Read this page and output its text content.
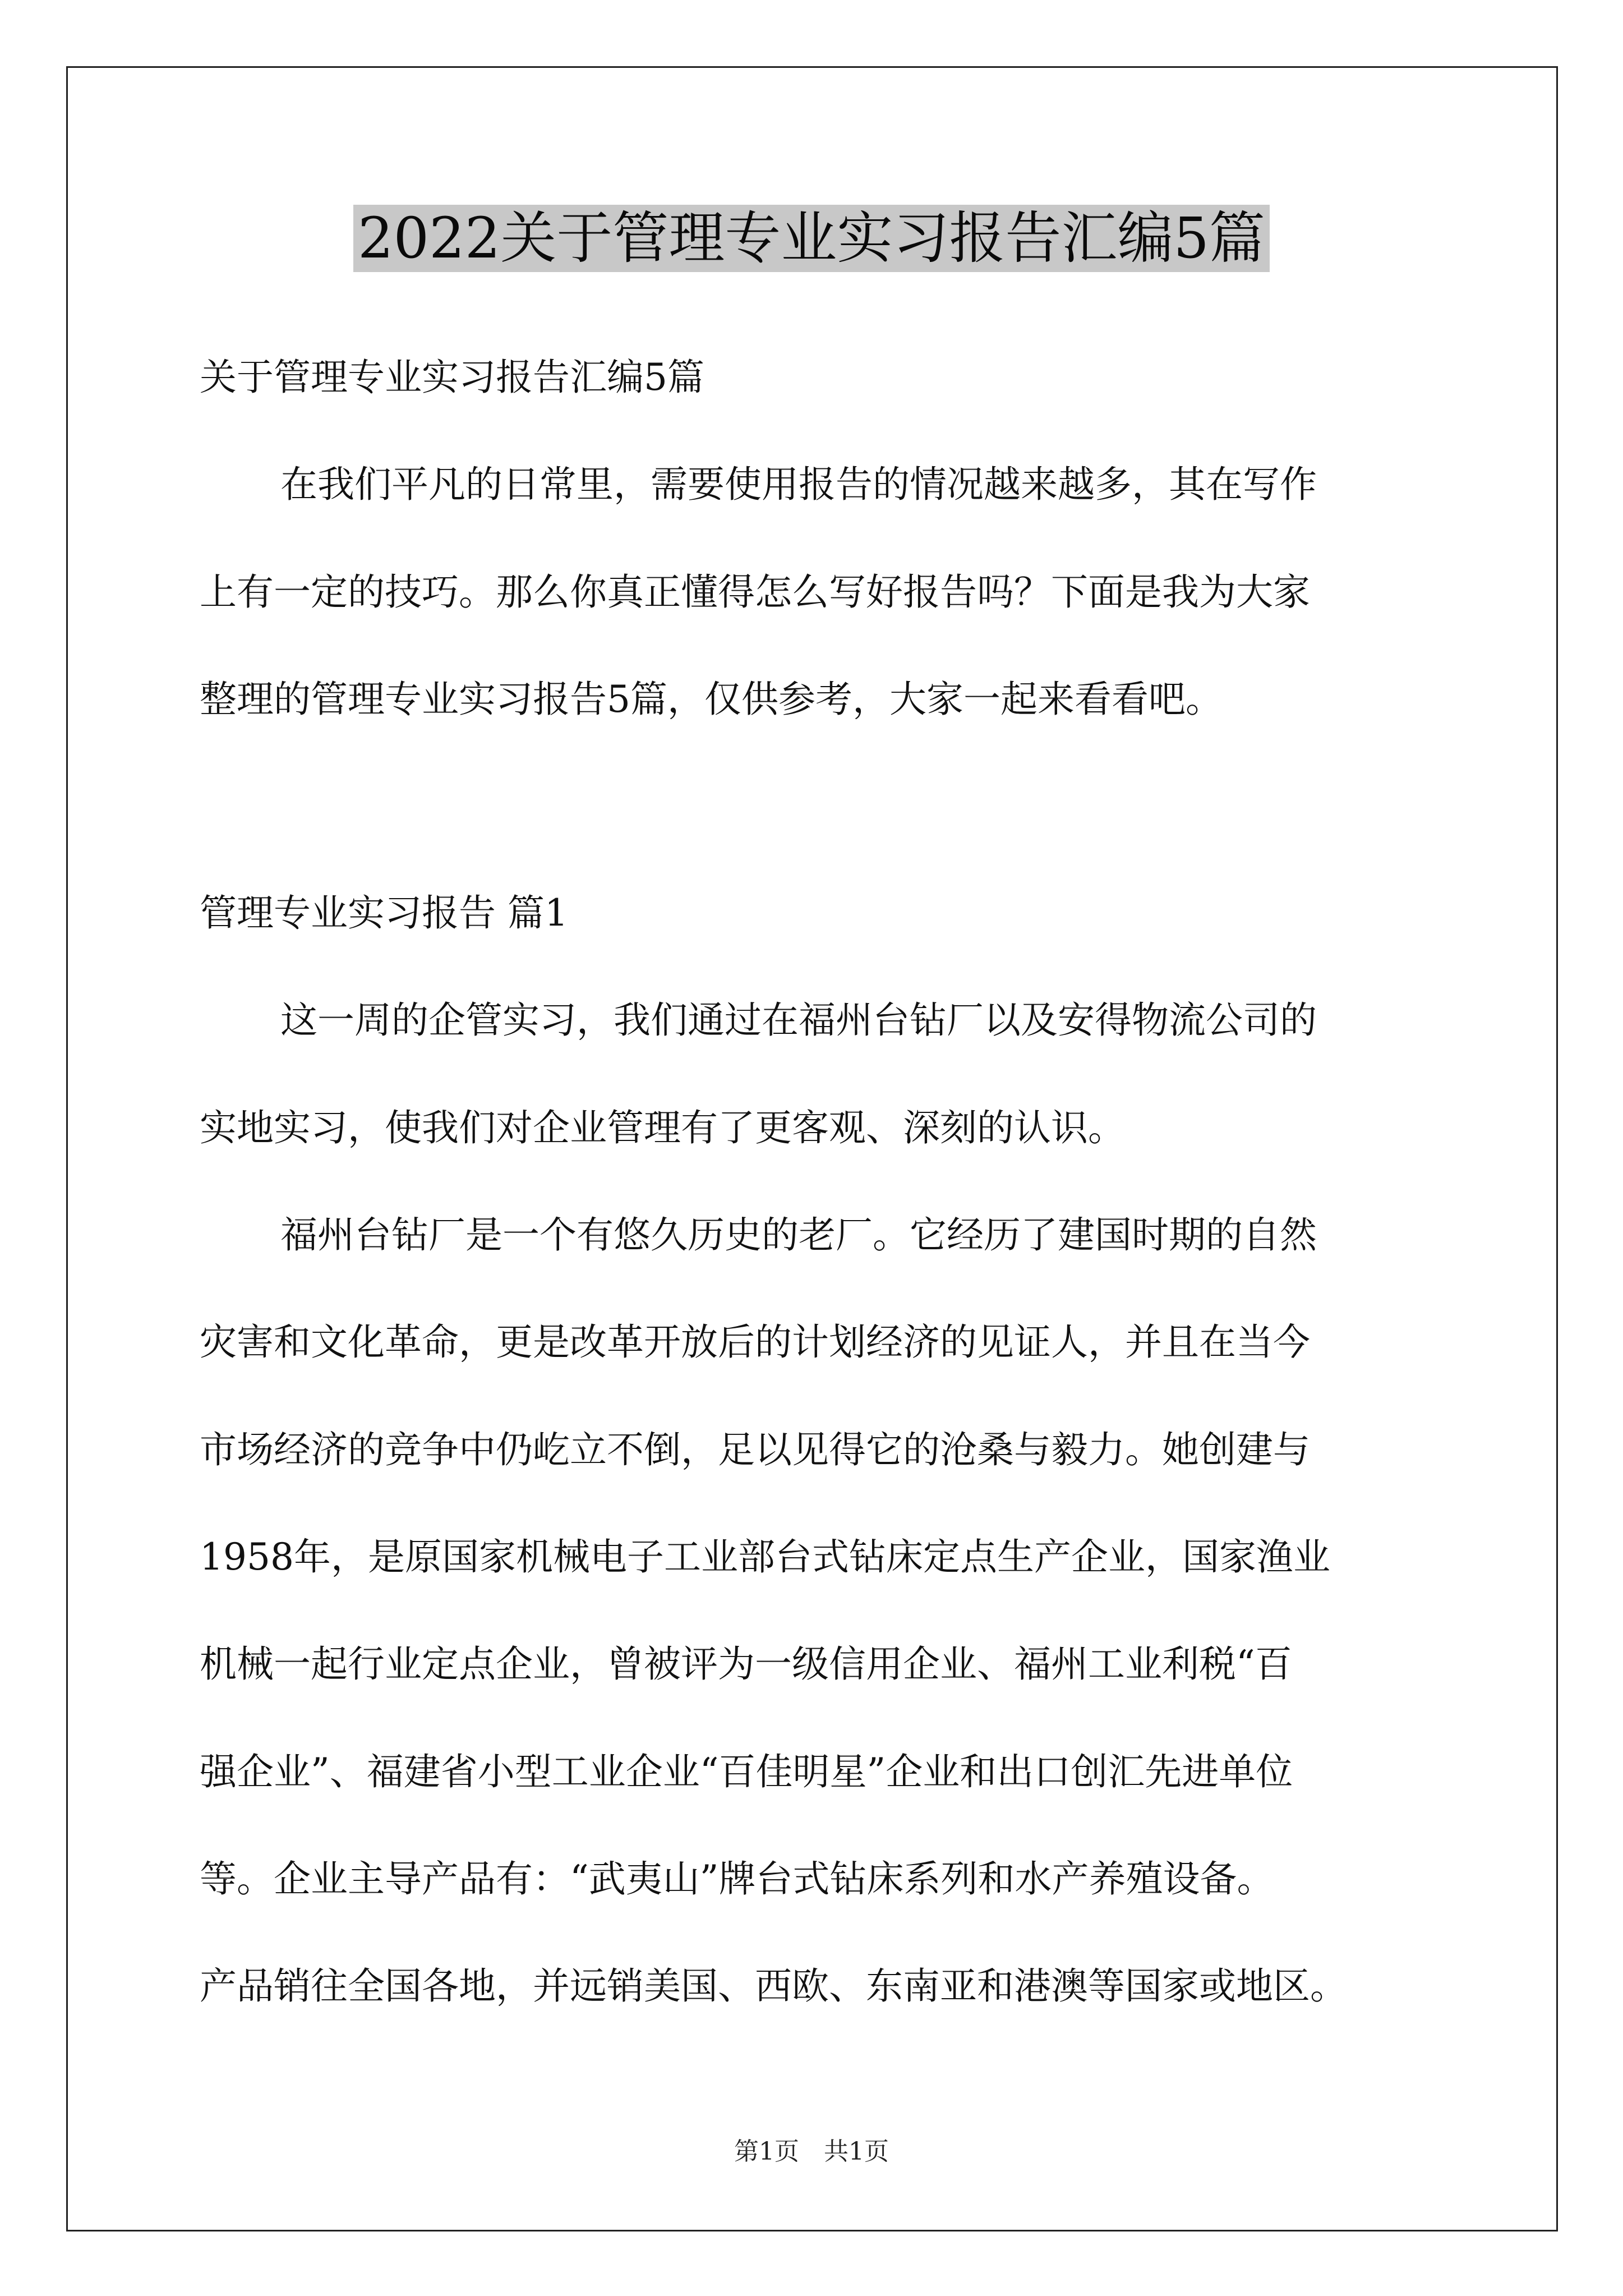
2022关于管理专业实习报告汇编5篇
关于管理专业实习报告汇编5篇
在我们平凡的日常里，需要使用报告的情况越来越多，其在写作
上有一定的技巧。那么你真正懂得怎么写好报告吗？下面是我为大家
整理的管理专业实习报告5篇，仅供参考，大家一起来看看吧。
管理专业实习报告 篇1
这一周的企管实习，我们通过在福州台钻厂以及安得物流公司的
实地实习，使我们对企业管理有了更客观、深刻的认识。
福州台钻厂是一个有悠久历史的老厂。它经历了建国时期的自然
灾害和文化革命，更是改革开放后的计划经济的见证人，并且在当今
市场经济的竞争中仍屹立不倒，足以见得它的沧桑与毅力。她创建与
1958年，是原国家机械电子工业部台式钻床定点生产企业，国家渔业
机械一起行业定点企业，曾被评为一级信用企业、福州工业利税“百
强企业”、福建省小型工业企业“百佳明星”企业和出口创汇先进单位
等。企业主导产品有：“武夷山”牌台式钻床系列和水产养殖设备。
产品销往全国各地，并远销美国、西欧、东南亚和港澳等国家或地区。
第1页　共1页
